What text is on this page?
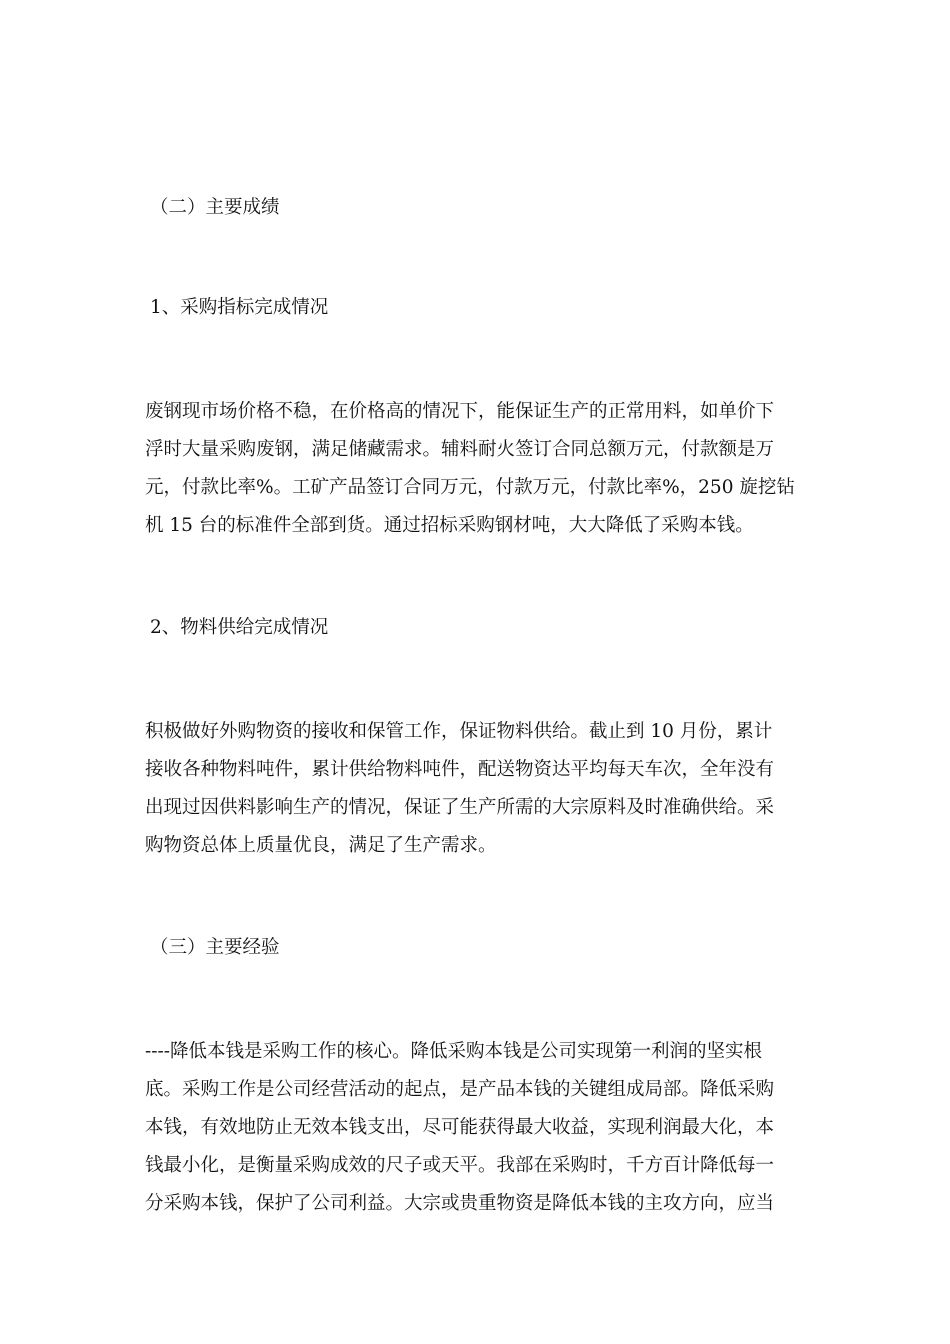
（二）主要成绩
1、采购指标完成情况
废钢现市场价格不稳，在价格高的情况下，能保证生产的正常用料，如单价下
浮时大量采购废钢，满足储藏需求。辅料耐火签订合同总额万元，付款额是万
元，付款比率%。工矿产品签订合同万元，付款万元，付款比率%，250 旋挖钻
机 15 台的标准件全部到货。通过招标采购钢材吨，大大降低了采购本钱。
2、物料供给完成情况
积极做好外购物资的接收和保管工作，保证物料供给。截止到 10 月份，累计
接收各种物料吨件，累计供给物料吨件，配送物资达平均每天车次，全年没有
出现过因供料影响生产的情况，保证了生产所需的大宗原料及时准确供给。采
购物资总体上质量优良，满足了生产需求。
（三）主要经验
----降低本钱是采购工作的核心。降低采购本钱是公司实现第一利润的坚实根
底。采购工作是公司经营活动的起点，是产品本钱的关键组成局部。降低采购
本钱，有效地防止无效本钱支出，尽可能获得最大收益，实现利润最大化，本
钱最小化，是衡量采购成效的尺子或天平。我部在采购时，千方百计降低每一
分采购本钱，保护了公司利益。大宗或贵重物资是降低本钱的主攻方向，应当
